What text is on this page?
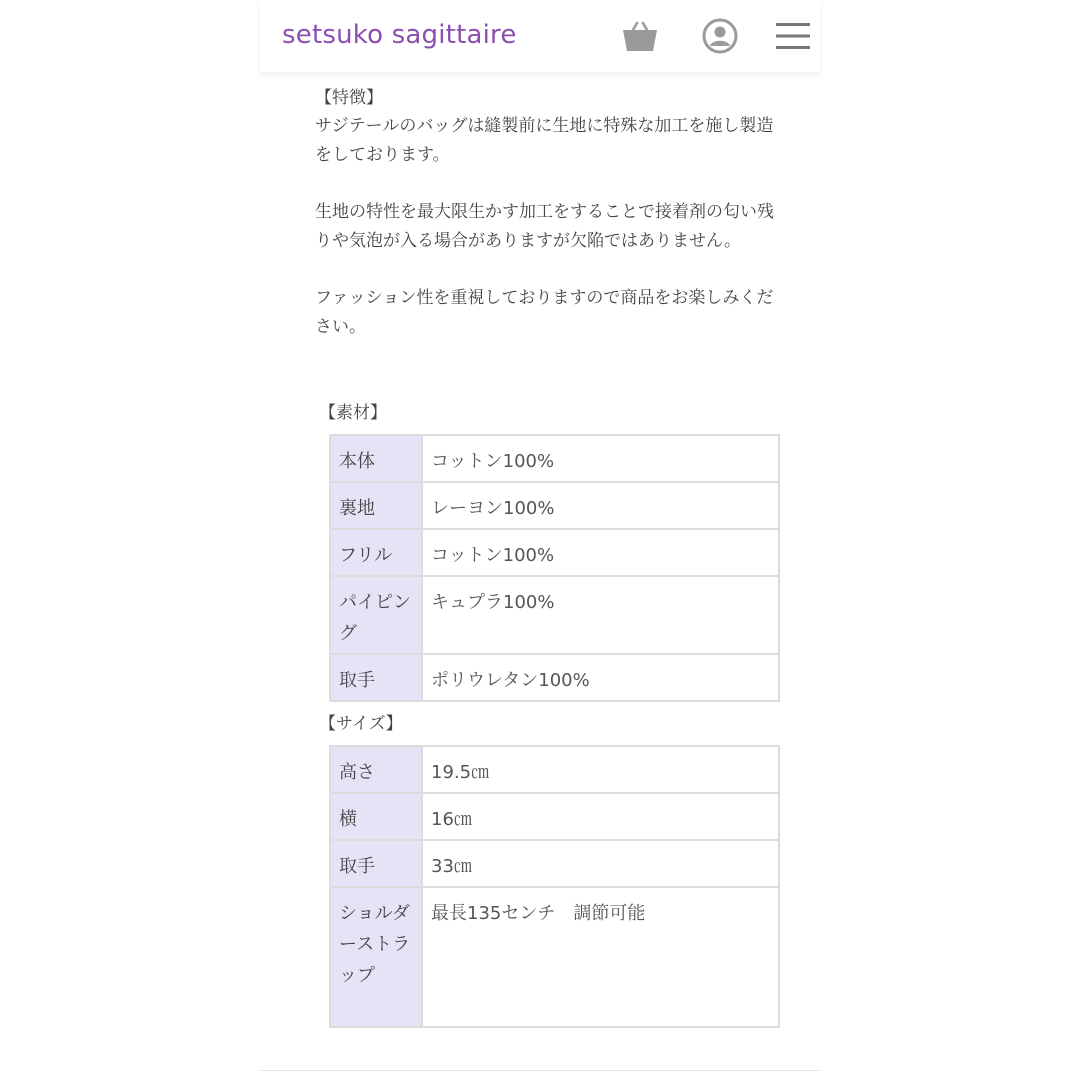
setsuko sagittaire

【特徴】

サジテールのバッグは縫製前に生地に特殊な加工を施し製造をしております。

生地の特性を最大限生かす加工をすることで接着剤の匂い残りや気泡が入る場合がありますが欠陥ではありません。

ファッション性を重視しておりますので商品をお楽しみください。

【素材】

本体	コットン100%
裏地	レーヨン100%
フリル	コットン100%
パイピング	キュプラ100%
取手	ポリウレタン100%

【サイズ】

高さ	19.5㎝
横	16㎝
取手	33㎝
ショルダーストラップ	最長135センチ　調節可能
